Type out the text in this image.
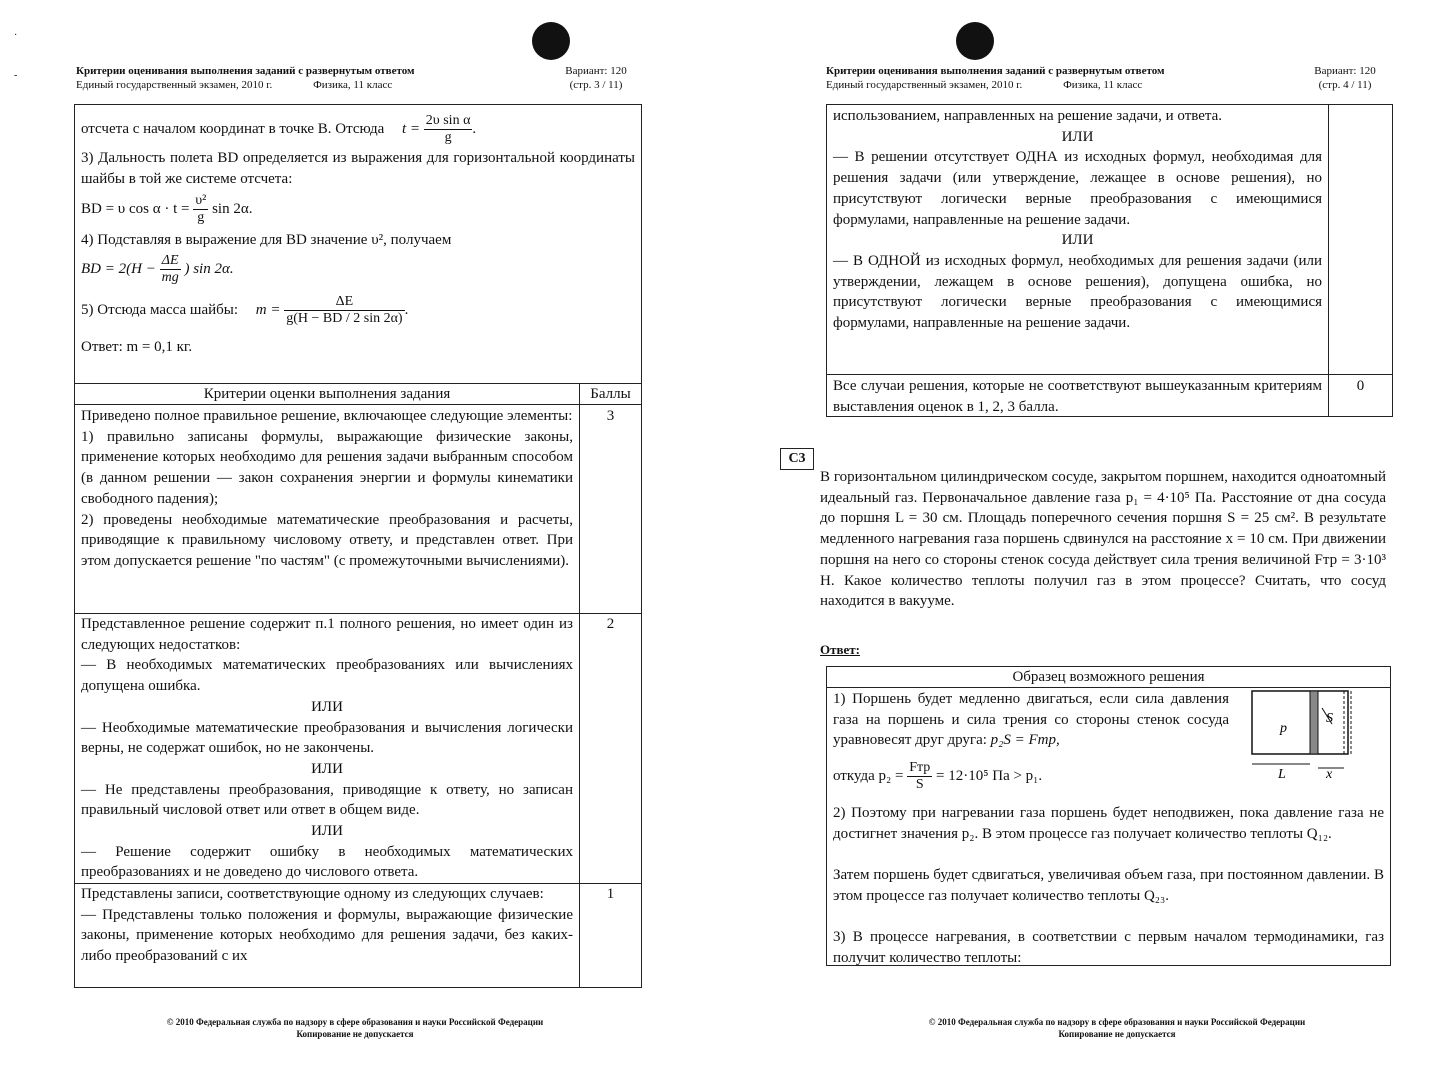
·
-	Критерии оценивания выполнения заданий с развернутым ответом
Единый государственный экзамен, 2010 г.	Физика, 11 класс
Вариант: 120
(стр. 3 / 11)
отсчета с началом координат в точке B. Отсюда $t = \frac{\text{2υ sin α}}{g}$ .
3) Дальность полета BD определяется из выражения для горизонтальной координаты шайбы в той же системе отсчета:
BD = υ $\cos \alpha \cdot t = \frac{\text{υ²}}{g}$ sin 2α.
4) Подставляя в выражение для BD значение υ², получаем
BD = $2(H - \frac{\Delta E}{mg}$ ) sin 2α.
5) Отсюда масса шайбы: $m = \frac{\Delta E}{g(H - BD / 2 \sin 2\alpha)}$ .
Ответ: m = 0,1 кг.
Критерии оценки выполнения задания	Баллы
Приведено полное правильное решение, включающее следующие элементы:
1) правильно записаны формулы, выражающие физические законы, применение которых необходимо для решения задачи выбранным способом (в данном решении — закон сохранения энергии и формулы кинематики свободного падения);
2) проведены необходимые математические преобразования и расчеты, приводящие к правильному числовому ответу, и представлен ответ. При этом допускается решение "по частям" (с промежуточными вычислениями).
3
Представленное решение содержит п.1 полного решения, но имеет один из следующих недостатков:
— В необходимых математических преобразованиях или вычислениях допущена ошибка.
ИЛИ
— Необходимые математические преобразования и вычисления логически верны, не содержат ошибок, но не закончены.
ИЛИ
— Не представлены преобразования, приводящие к ответу, но записан правильный числовой ответ или ответ в общем виде.
ИЛИ
— Решение содержит ошибку в необходимых математических преобразованиях и не доведено до числового ответа.
2
Представлены записи, соответствующие одному из следующих случаев:
— Представлены только положения и формулы, выражающие физические законы, применение которых необходимо для решения задачи, без каких-либо преобразований с их
1
© 2010 Федеральная служба по надзору в сфере образования и науки Российской Федерации
Копирование не допускается
Критерии оценивания выполнения заданий с развернутым ответом
Единый государственный экзамен, 2010 г.	Физика, 11 класс
Вариант: 120
(стр. 4 / 11)
использованием, направленных на решение задачи, и ответа.
ИЛИ
— В решении отсутствует ОДНА из исходных формул, необходимая для решения задачи (или утверждение, лежащее в основе решения), но присутствуют логически верные преобразования с имеющимися формулами, направленные на решение задачи.
ИЛИ
— В ОДНОЙ из исходных формул, необходимых для решения задачи (или утверждении, лежащем в основе решения), допущена ошибка, но присутствуют логически верные преобразования с имеющимися формулами, направленные на решение задачи.
Все случаи решения, которые не соответствуют вышеуказанным критериям выставления оценок в 1, 2, 3 балла.
0
C3
В горизонтальном цилиндрическом сосуде, закрытом поршнем, находится одноатомный идеальный газ. Первоначальное давление газа p₁ = 4·10⁵ Па. Расстояние от дна сосуда до поршня L = 30 см. Площадь поперечного сечения поршня S = 25 см². В результате медленного нагревания газа поршень сдвинулся на расстояние x = 10 см. При движении поршня на него со стороны стенок сосуда действует сила трения величиной Fтр = 3·10³ Н. Какое количество теплоты получил газ в этом процессе? Считать, что сосуд находится в вакууме.
Ответ:
Образец возможного решения
1) Поршень будет медленно двигаться, если сила давления газа на поршень и сила трения со стороны стенок сосуда уравновесят друг друга: p₂S = Fтр,
p
S
L	x
откуда $p_2 = \frac{\text{Fтр}}{S} = 12\cdot 10^5$ Па > p₁.
2) Поэтому при нагревании газа поршень будет неподвижен, пока давление газа не достигнет значения p₂. В этом процессе газ получает количество теплоты Q₁₂.
Затем поршень будет сдвигаться, увеличивая объем газа, при постоянном давлении. В этом процессе газ получает количество теплоты Q₂₃.
3) В процессе нагревания, в соответствии с первым началом термодинамики, газ получит количество теплоты:
© 2010 Федеральная служба по надзору в сфере образования и науки Российской Федерации
Копирование не допускается
